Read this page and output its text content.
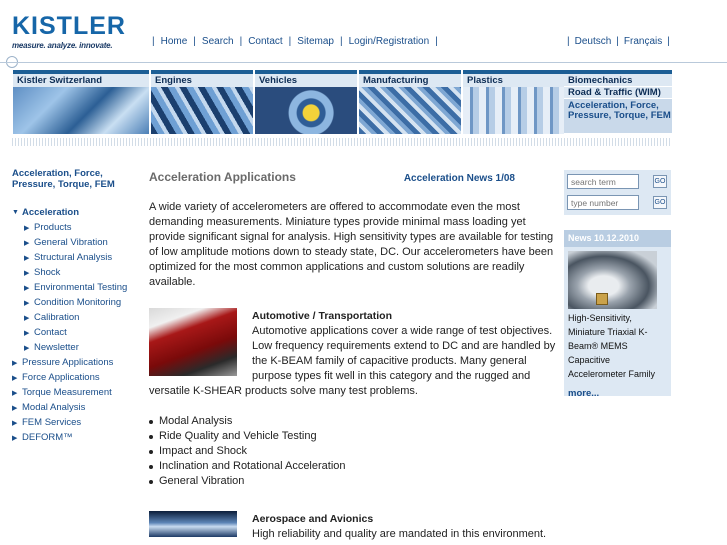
KISTLER
measure. analyze. innovate.	| Home | Search | Contact | Sitemap | Login/Registration |	| Deutsch | Français |
Kistler Switzerland	Engines	Vehicles	Manufacturing	Plastics	Biomechanics
Road & Traffic (WIM)
Acceleration, Force, Pressure, Torque, FEM
Acceleration, Force, Pressure, Torque, FEM
▼ Acceleration
▶ Products
▶ General Vibration
▶ Structural Analysis
▶ Shock
▶ Environmental Testing
▶ Condition Monitoring
▶ Calibration
▶ Contact
▶ Newsletter
▶ Pressure Applications
▶ Force Applications
▶ Torque Measurement
▶ Modal Analysis
▶ FEM Services
▶ DEFORM™
Acceleration Applications	Acceleration News 1/08

A wide variety of accelerometers are offered to accommodate even the most demanding measurements. Miniature types provide minimal mass loading yet provide significant signal for analysis. High sensitivity types are available for testing of low amplitude motions down to steady state, DC. Our accelerometers have been optimized for the most common applications and custom solutions are readily available.

Automotive / Transportation
Automotive applications cover a wide range of test objectives.
Low frequency requirements extend to DC and are handled by
the K-BEAM family of capacitive products. Many general
purpose types fit well in this category and the rugged and
versatile K-SHEAR products solve many test problems.
Modal Analysis
Ride Quality and Vehicle Testing
Impact and Shock
Inclination and Rotational Acceleration
General Vibration
Aerospace and Avionics
High reliability and quality are mandated in this environment.
search term
GO
type number
GO
News 10.12.2010
High-Sensitivity, Miniature Triaxial K-Beam® MEMS Capacitive Accelerometer Family
more...
